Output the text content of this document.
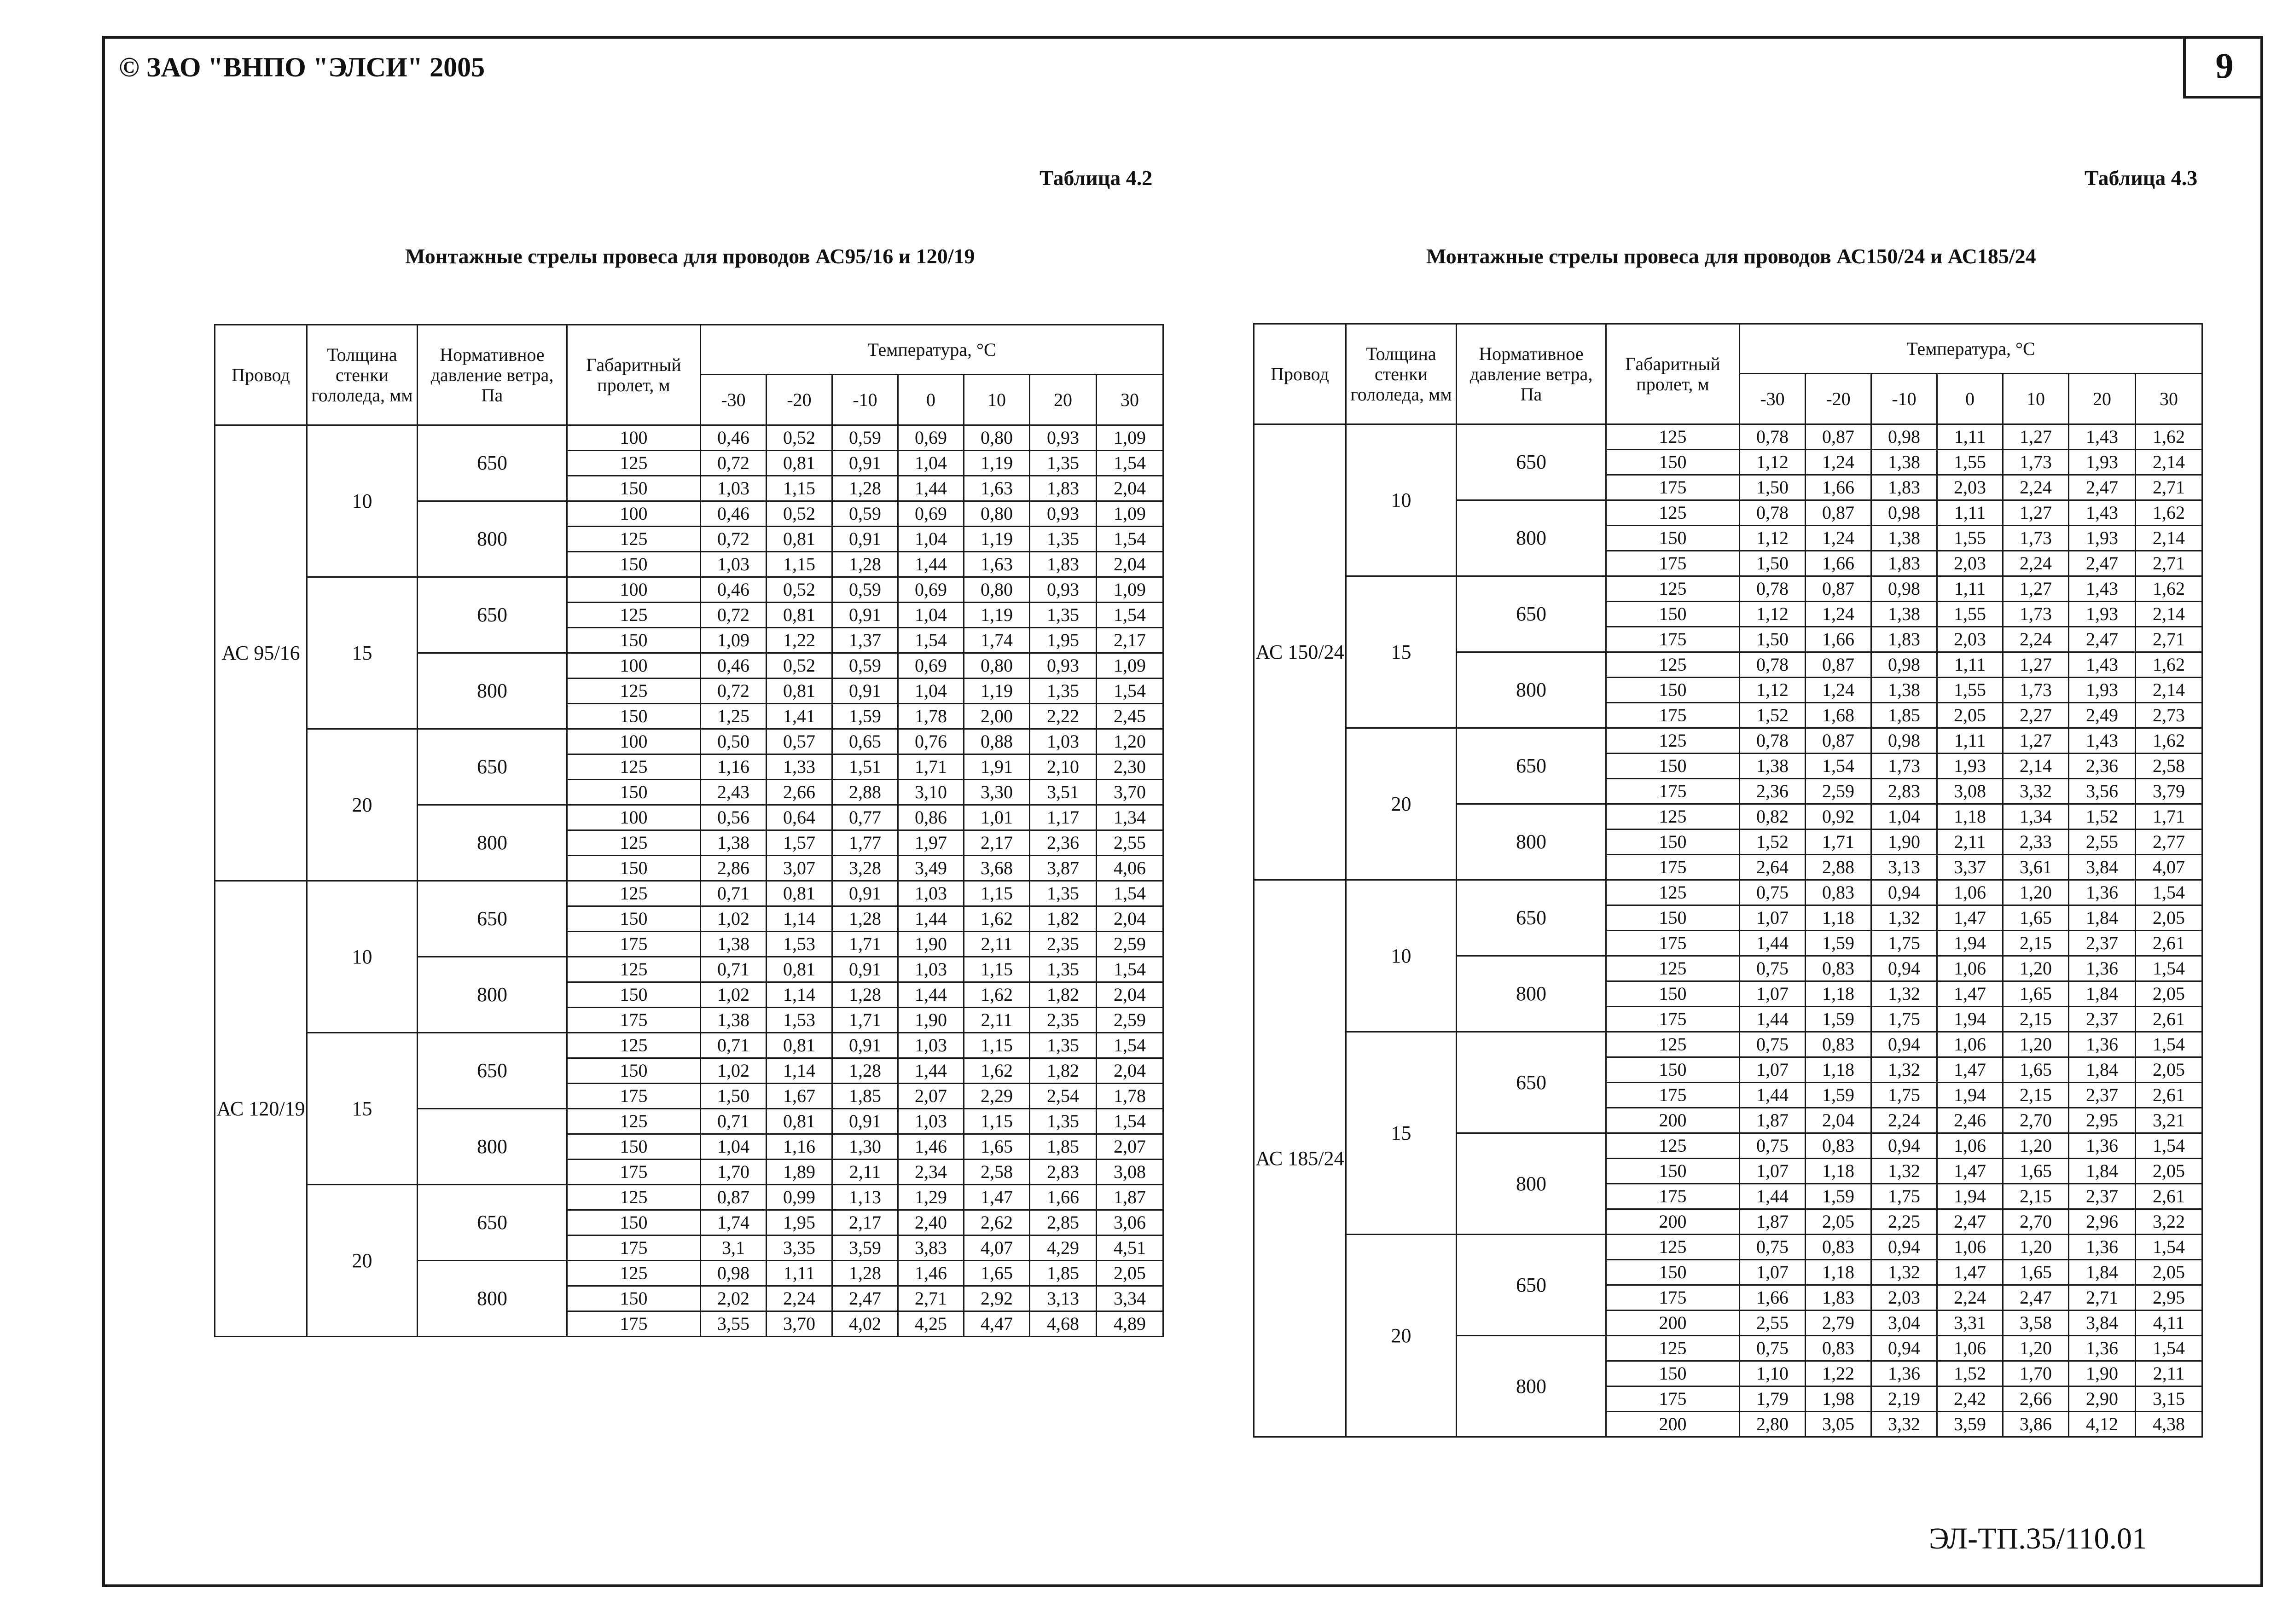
© ЗАО "ВНПО "ЭЛСИ" 2005	9
Таблица 4.2
Монтажные стрелы провеса для проводов АС95/16 и 120/19
Таблица 4.3
Монтажные стрелы провеса для проводов АС150/24 и АС185/24
Провод	Толщина стенки гололеда, мм	Нормативное давление ветра, Па	Габаритный пролет, м	Температура, °C						
				-30	-20	-10	0	10	20	30
АС 95/16	10	650	100	0,46	0,52	0,59	0,69	0,80	0,93	1,09
			125	0,72	0,81	0,91	1,04	1,19	1,35	1,54
			150	1,03	1,15	1,28	1,44	1,63	1,83	2,04
		800	100	0,46	0,52	0,59	0,69	0,80	0,93	1,09
			125	0,72	0,81	0,91	1,04	1,19	1,35	1,54
			150	1,03	1,15	1,28	1,44	1,63	1,83	2,04
	15	650	100	0,46	0,52	0,59	0,69	0,80	0,93	1,09
			125	0,72	0,81	0,91	1,04	1,19	1,35	1,54
			150	1,09	1,22	1,37	1,54	1,74	1,95	2,17
		800	100	0,46	0,52	0,59	0,69	0,80	0,93	1,09
			125	0,72	0,81	0,91	1,04	1,19	1,35	1,54
			150	1,25	1,41	1,59	1,78	2,00	2,22	2,45
	20	650	100	0,50	0,57	0,65	0,76	0,88	1,03	1,20
			125	1,16	1,33	1,51	1,71	1,91	2,10	2,30
			150	2,43	2,66	2,88	3,10	3,30	3,51	3,70
		800	100	0,56	0,64	0,77	0,86	1,01	1,17	1,34
			125	1,38	1,57	1,77	1,97	2,17	2,36	2,55
			150	2,86	3,07	3,28	3,49	3,68	3,87	4,06
АС 120/19	10	650	125	0,71	0,81	0,91	1,03	1,15	1,35	1,54
			150	1,02	1,14	1,28	1,44	1,62	1,82	2,04
			175	1,38	1,53	1,71	1,90	2,11	2,35	2,59
		800	125	0,71	0,81	0,91	1,03	1,15	1,35	1,54
			150	1,02	1,14	1,28	1,44	1,62	1,82	2,04
			175	1,38	1,53	1,71	1,90	2,11	2,35	2,59
	15	650	125	0,71	0,81	0,91	1,03	1,15	1,35	1,54
			150	1,02	1,14	1,28	1,44	1,62	1,82	2,04
			175	1,50	1,67	1,85	2,07	2,29	2,54	1,78
		800	125	0,71	0,81	0,91	1,03	1,15	1,35	1,54
			150	1,04	1,16	1,30	1,46	1,65	1,85	2,07
			175	1,70	1,89	2,11	2,34	2,58	2,83	3,08
	20	650	125	0,87	0,99	1,13	1,29	1,47	1,66	1,87
			150	1,74	1,95	2,17	2,40	2,62	2,85	3,06
			175	3,1	3,35	3,59	3,83	4,07	4,29	4,51
		800	125	0,98	1,11	1,28	1,46	1,65	1,85	2,05
			150	2,02	2,24	2,47	2,71	2,92	3,13	3,34
			175	3,55	3,70	4,02	4,25	4,47	4,68	4,89
Провод	Толщина стенки гололеда, мм	Нормативное давление ветра, Па	Габаритный пролет, м	Температура, °C						
				-30	-20	-10	0	10	20	30
АС 150/24	10	650	125	0,78	0,87	0,98	1,11	1,27	1,43	1,62
			150	1,12	1,24	1,38	1,55	1,73	1,93	2,14
			175	1,50	1,66	1,83	2,03	2,24	2,47	2,71
		800	125	0,78	0,87	0,98	1,11	1,27	1,43	1,62
			150	1,12	1,24	1,38	1,55	1,73	1,93	2,14
			175	1,50	1,66	1,83	2,03	2,24	2,47	2,71
	15	650	125	0,78	0,87	0,98	1,11	1,27	1,43	1,62
			150	1,12	1,24	1,38	1,55	1,73	1,93	2,14
			175	1,50	1,66	1,83	2,03	2,24	2,47	2,71
		800	125	0,78	0,87	0,98	1,11	1,27	1,43	1,62
			150	1,12	1,24	1,38	1,55	1,73	1,93	2,14
			175	1,52	1,68	1,85	2,05	2,27	2,49	2,73
	20	650	125	0,78	0,87	0,98	1,11	1,27	1,43	1,62
			150	1,38	1,54	1,73	1,93	2,14	2,36	2,58
			175	2,36	2,59	2,83	3,08	3,32	3,56	3,79
		800	125	0,82	0,92	1,04	1,18	1,34	1,52	1,71
			150	1,52	1,71	1,90	2,11	2,33	2,55	2,77
			175	2,64	2,88	3,13	3,37	3,61	3,84	4,07
АС 185/24	10	650	125	0,75	0,83	0,94	1,06	1,20	1,36	1,54
			150	1,07	1,18	1,32	1,47	1,65	1,84	2,05
			175	1,44	1,59	1,75	1,94	2,15	2,37	2,61
		800	125	0,75	0,83	0,94	1,06	1,20	1,36	1,54
			150	1,07	1,18	1,32	1,47	1,65	1,84	2,05
			175	1,44	1,59	1,75	1,94	2,15	2,37	2,61
	15	650	125	0,75	0,83	0,94	1,06	1,20	1,36	1,54
			150	1,07	1,18	1,32	1,47	1,65	1,84	2,05
			175	1,44	1,59	1,75	1,94	2,15	2,37	2,61
			200	1,87	2,04	2,24	2,46	2,70	2,95	3,21
		800	125	0,75	0,83	0,94	1,06	1,20	1,36	1,54
			150	1,07	1,18	1,32	1,47	1,65	1,84	2,05
			175	1,44	1,59	1,75	1,94	2,15	2,37	2,61
			200	1,87	2,05	2,25	2,47	2,70	2,96	3,22
	20	650	125	0,75	0,83	0,94	1,06	1,20	1,36	1,54
			150	1,07	1,18	1,32	1,47	1,65	1,84	2,05
			175	1,66	1,83	2,03	2,24	2,47	2,71	2,95
			200	2,55	2,79	3,04	3,31	3,58	3,84	4,11
		800	125	0,75	0,83	0,94	1,06	1,20	1,36	1,54
			150	1,10	1,22	1,36	1,52	1,70	1,90	2,11
			175	1,79	1,98	2,19	2,42	2,66	2,90	3,15
			200	2,80	3,05	3,32	3,59	3,86	4,12	4,38
ЭЛ-ТП.35/110.01
